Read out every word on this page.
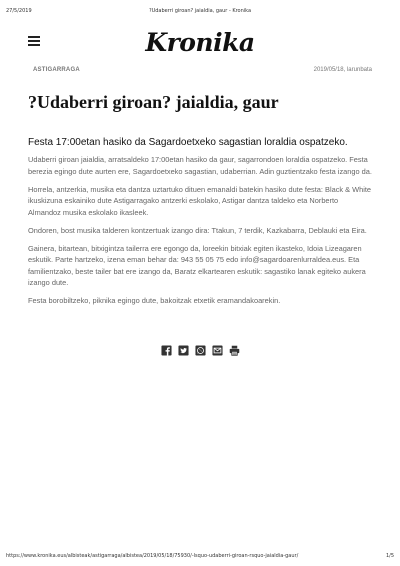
27/5/2019	?Udaberri giroan? jaialdia, gaur - Kronika
Kronika
ASTIGARRAGA	2019/05/18, larunbata
?Udaberri giroan? jaialdia, gaur

Festa 17:00etan hasiko da Sagardoetxeko sagastian loraldia ospatzeko.

Udaberri giroan jaialdia, arratsaldeko 17:00etan hasiko da gaur, sagarrondoen loraldia ospatzeko. Festa berezia egingo dute aurten ere, Sagardoetxeko sagastian, udaberrian. Adin guztientzako festa izango da.

Horrela, antzerkia, musika eta dantza uztartuko dituen emanaldi batekin hasiko dute festa: Black & White ikuskizuna eskainiko dute Astigarragako antzerki eskolako, Astigar dantza taldeko eta Norberto Almandoz musika eskolako ikasleek.

Ondoren, bost musika talderen kontzertuak izango dira: Ttakun, 7 terdik, Kazkabarra, Deblauki eta Eira.

Gainera, bitartean, bitxigintza tailerra ere egongo da, loreekin bitxiak egiten ikasteko, Idoia Lizeagaren eskutik. Parte hartzeko, izena eman behar da: 943 55 05 75 edo info@sagardoarenlurraldea.eus. Eta familientzako, beste tailer bat ere izango da, Baratz elkartearen eskutik: sagastiko lanak egiteko aukera izango dute.

Festa borobiltzeko, piknika egingo dute, bakoitzak etxetik eramandakoarekin.

https://www.kronika.eus/albisteak/astigarraga/albistea/2019/05/18/75930/-lsquo-udaberri-giroan-rsquo-jaialdia-gaur/	1/5
